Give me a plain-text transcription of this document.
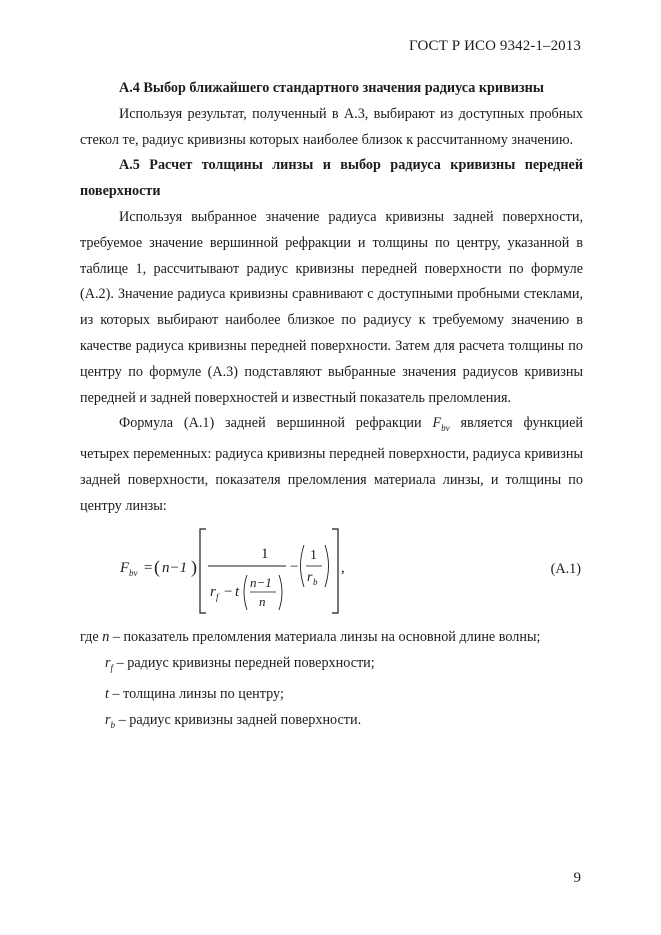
ГОСТ Р ИСО 9342-1–2013

А.4 Выбор ближайшего стандартного значения радиуса кривизны

Используя результат, полученный в А.3, выбирают из доступных пробных стекол те, радиус кривизны которых наиболее близок к рассчитанному значению.

А.5 Расчет толщины линзы и выбор радиуса кривизны передней поверхности

Используя выбранное значение радиуса кривизны задней поверхности, требуемое значение вершинной рефракции и толщины по центру, указанной в таблице 1, рассчитывают радиус кривизны передней поверхности по формуле (А.2). Значение радиуса кривизны сравнивают с доступными пробными стеклами, из которых выбирают наиболее близкое по радиусу к требуемому значению в качестве радиуса кривизны передней поверхности. Затем для расчета толщины по центру по формуле (А.3) подставляют выбранные значения радиусов кривизны передней и задней поверхностей и известный показатель преломления.

Формула (А.1) задней вершинной рефракции $F_{bv}$ является функцией четырех переменных: радиуса кривизны передней поверхности, радиуса кривизны задней поверхности, показателя преломления материала линзы, и толщины по центру линзы:

F bv = ( n−1 )
1
r f − t
n−1
n
−
1
r b
,	(А.1)

где n – показатель преломления материала линзы на основной длине волны;

$r_f$ – радиус кривизны передней поверхности;

t – толщина линзы по центру;

$r_b$ – радиус кривизны задней поверхности.

9
